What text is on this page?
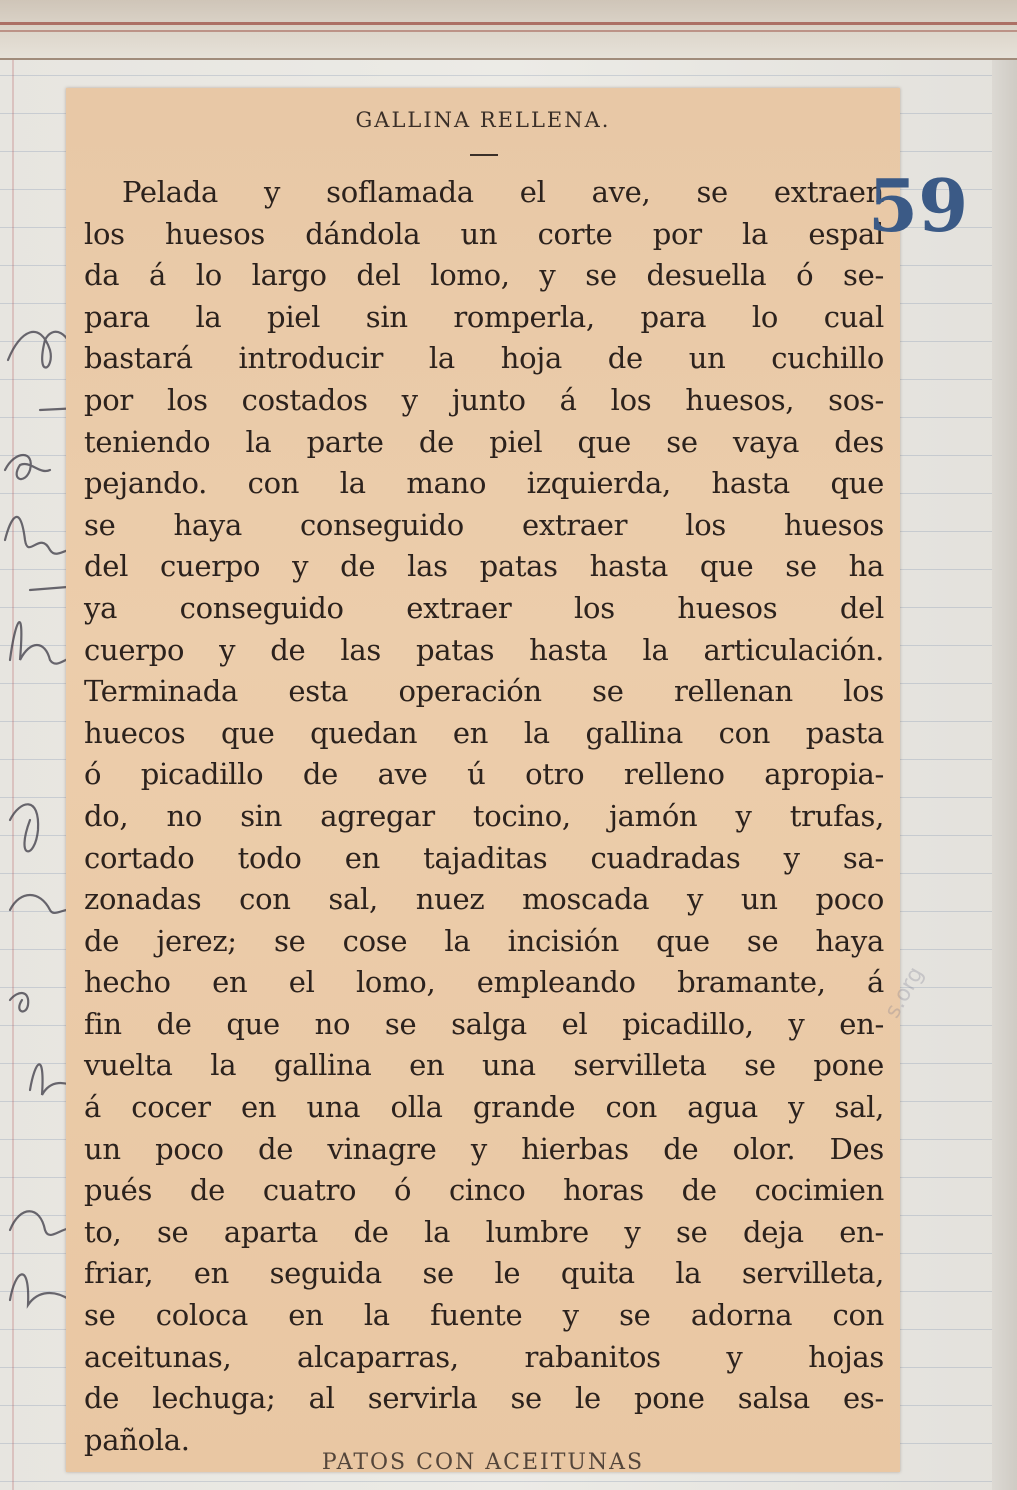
GALLINA RELLENA.
Pelada y soflamada el ave, se extraen
los huesos dándola un corte por la espal
da á lo largo del lomo, y se desuella ó se-
para la piel sin romperla, para lo cual
bastará introducir la hoja de un cuchillo
por los costados y junto á los huesos, sos-
teniendo la parte de piel que se vaya des
pejando. con la mano izquierda, hasta que
se haya conseguido extraer los huesos
del cuerpo y de las patas hasta que se ha
ya conseguido extraer los huesos del
cuerpo y de las patas hasta la articulación.
Terminada esta operación se rellenan los
huecos que quedan en la gallina con pasta
ó picadillo de ave ú otro relleno apropia-
do, no sin agregar tocino, jamón y trufas,
cortado todo en tajaditas cuadradas y sa-
zonadas con sal, nuez moscada y un poco
de jerez; se cose la incisión que se haya
hecho en el lomo, empleando bramante, á
fin de que no se salga el picadillo, y en-
vuelta la gallina en una servilleta se pone
á cocer en una olla grande con agua y sal,
un poco de vinagre y hierbas de olor. Des
pués de cuatro ó cinco horas de cocimien
to, se aparta de la lumbre y se deja en-
friar, en seguida se le quita la servilleta,
se coloca en la fuente y se adorna con
aceitunas, alcaparras, rabanitos y hojas
de lechuga; al servirla se le pone salsa es-
pañola.
PATOS CON ACEITUNAS
59
s.org
